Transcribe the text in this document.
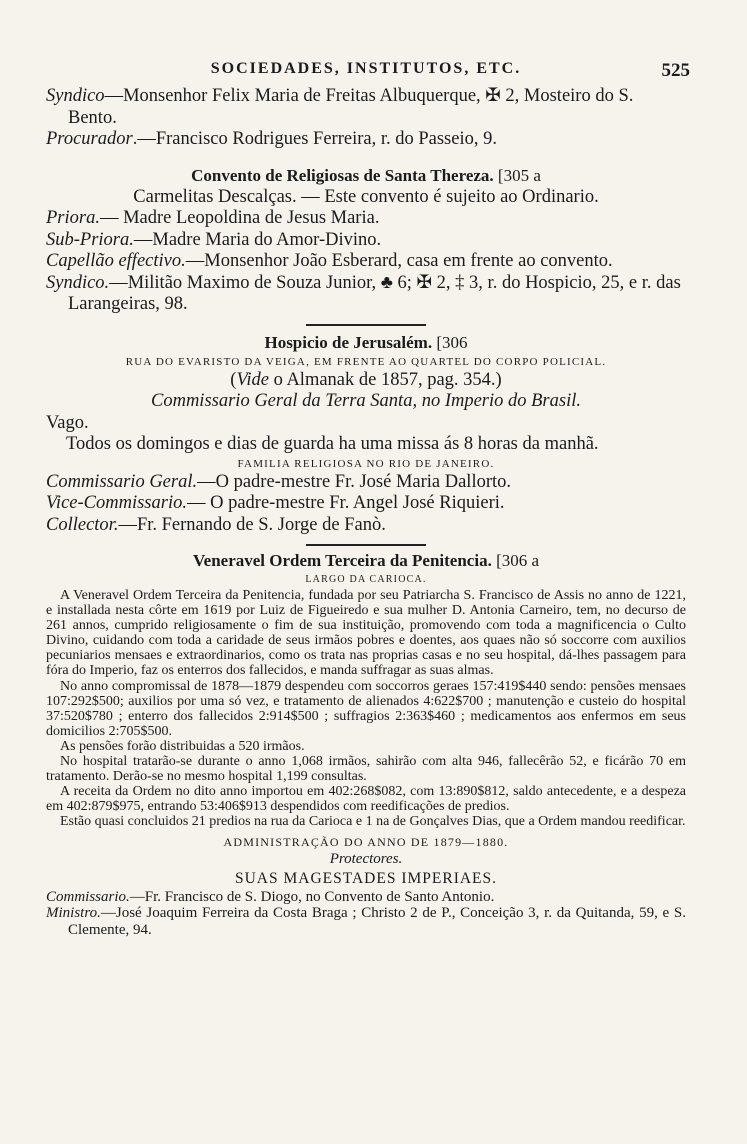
SOCIEDADES, INSTITUTOS, ETC.	525

Syndico—Monsenhor Felix Maria de Freitas Albuquerque, ✠ 2, Mosteiro do S. Bento.

Procurador.—Francisco Rodrigues Ferreira, r. do Passeio, 9.

Convento de Religiosas de Santa Thereza. [305 a

Carmelitas Descalças. — Este convento é sujeito ao Ordinario.

Priora.— Madre Leopoldina de Jesus Maria.

Sub-Priora.—Madre Maria do Amor-Divino.

Capellão effectivo.—Monsenhor João Esberard, casa em frente ao convento.

Syndico.—Militão Maximo de Souza Junior, ♣ 6; ✠ 2, ‡ 3, r. do Hospicio, 25, e r. das Larangeiras, 98.

Hospicio de Jerusalém. [306
RUA DO EVARISTO DA VEIGA, EM FRENTE AO QUARTEL DO CORPO POLICIAL.

(Vide o Almanak de 1857, pag. 354.)

Commissario Geral da Terra Santa, no Imperio do Brasil.

Vago.

Todos os domingos e dias de guarda ha uma missa ás 8 horas da manhã.

FAMILIA RELIGIOSA NO RIO DE JANEIRO.

Commissario Geral.—O padre-mestre Fr. José Maria Dallorto.

Vice-Commissario.— O padre-mestre Fr. Angel José Riquieri.

Collector.—Fr. Fernando de S. Jorge de Fanò.

Veneravel Ordem Terceira da Penitencia. [306 a
LARGO DA CARIOCA.

A Veneravel Ordem Terceira da Penitencia, fundada por seu Patriarcha S. Francisco de Assis no anno de 1221, e installada nesta côrte em 1619 por Luiz de Figueiredo e sua mulher D. Antonia Carneiro, tem, no decurso de 261 annos, cumprido religiosamente o fim de sua instituição, promovendo com toda a magnificencia o Culto Divino, cuidando com toda a caridade de seus irmãos pobres e doentes, aos quaes não só soccorre com auxilios pecuniarios mensaes e extraordinarios, como os trata nas proprias casas e no seu hospital, dá-lhes passagem para fóra do Imperio, faz os enterros dos fallecidos, e manda suffragar as suas almas.

No anno compromissal de 1878—1879 despendeu com soccorros geraes 157:419$440 sendo: pensões mensaes 107:292$500; auxilios por uma só vez, e tratamento de alienados 4:622$700 ; manutenção e custeio do hospital 37:520$780 ; enterro dos fallecidos 2:914$500 ; suffragios 2:363$460 ; medicamentos aos enfermos em seus domicilios 2:705$500.

As pensões forão distribuidas a 520 irmãos.

No hospital tratarão-se durante o anno 1,068 irmãos, sahirão com alta 946, fallecêrão 52, e ficárão 70 em tratamento. Derão-se no mesmo hospital 1,199 consultas.

A receita da Ordem no dito anno importou em 402:268$082, com 13:890$812, saldo antecedente, e a despeza em 402:879$975, entrando 53:406$913 despendidos com reedificações de predios.

Estão quasi concluidos 21 predios na rua da Carioca e 1 na de Gonçalves Dias, que a Ordem mandou reedificar.

ADMINISTRAÇÃO DO ANNO DE 1879—1880.

Protectores.

SUAS MAGESTADES IMPERIAES.

Commissario.—Fr. Francisco de S. Diogo, no Convento de Santo Antonio.

Ministro.—José Joaquim Ferreira da Costa Braga ; Christo 2 de P., Conceição 3, r. da Quitanda, 59, e S. Clemente, 94.
